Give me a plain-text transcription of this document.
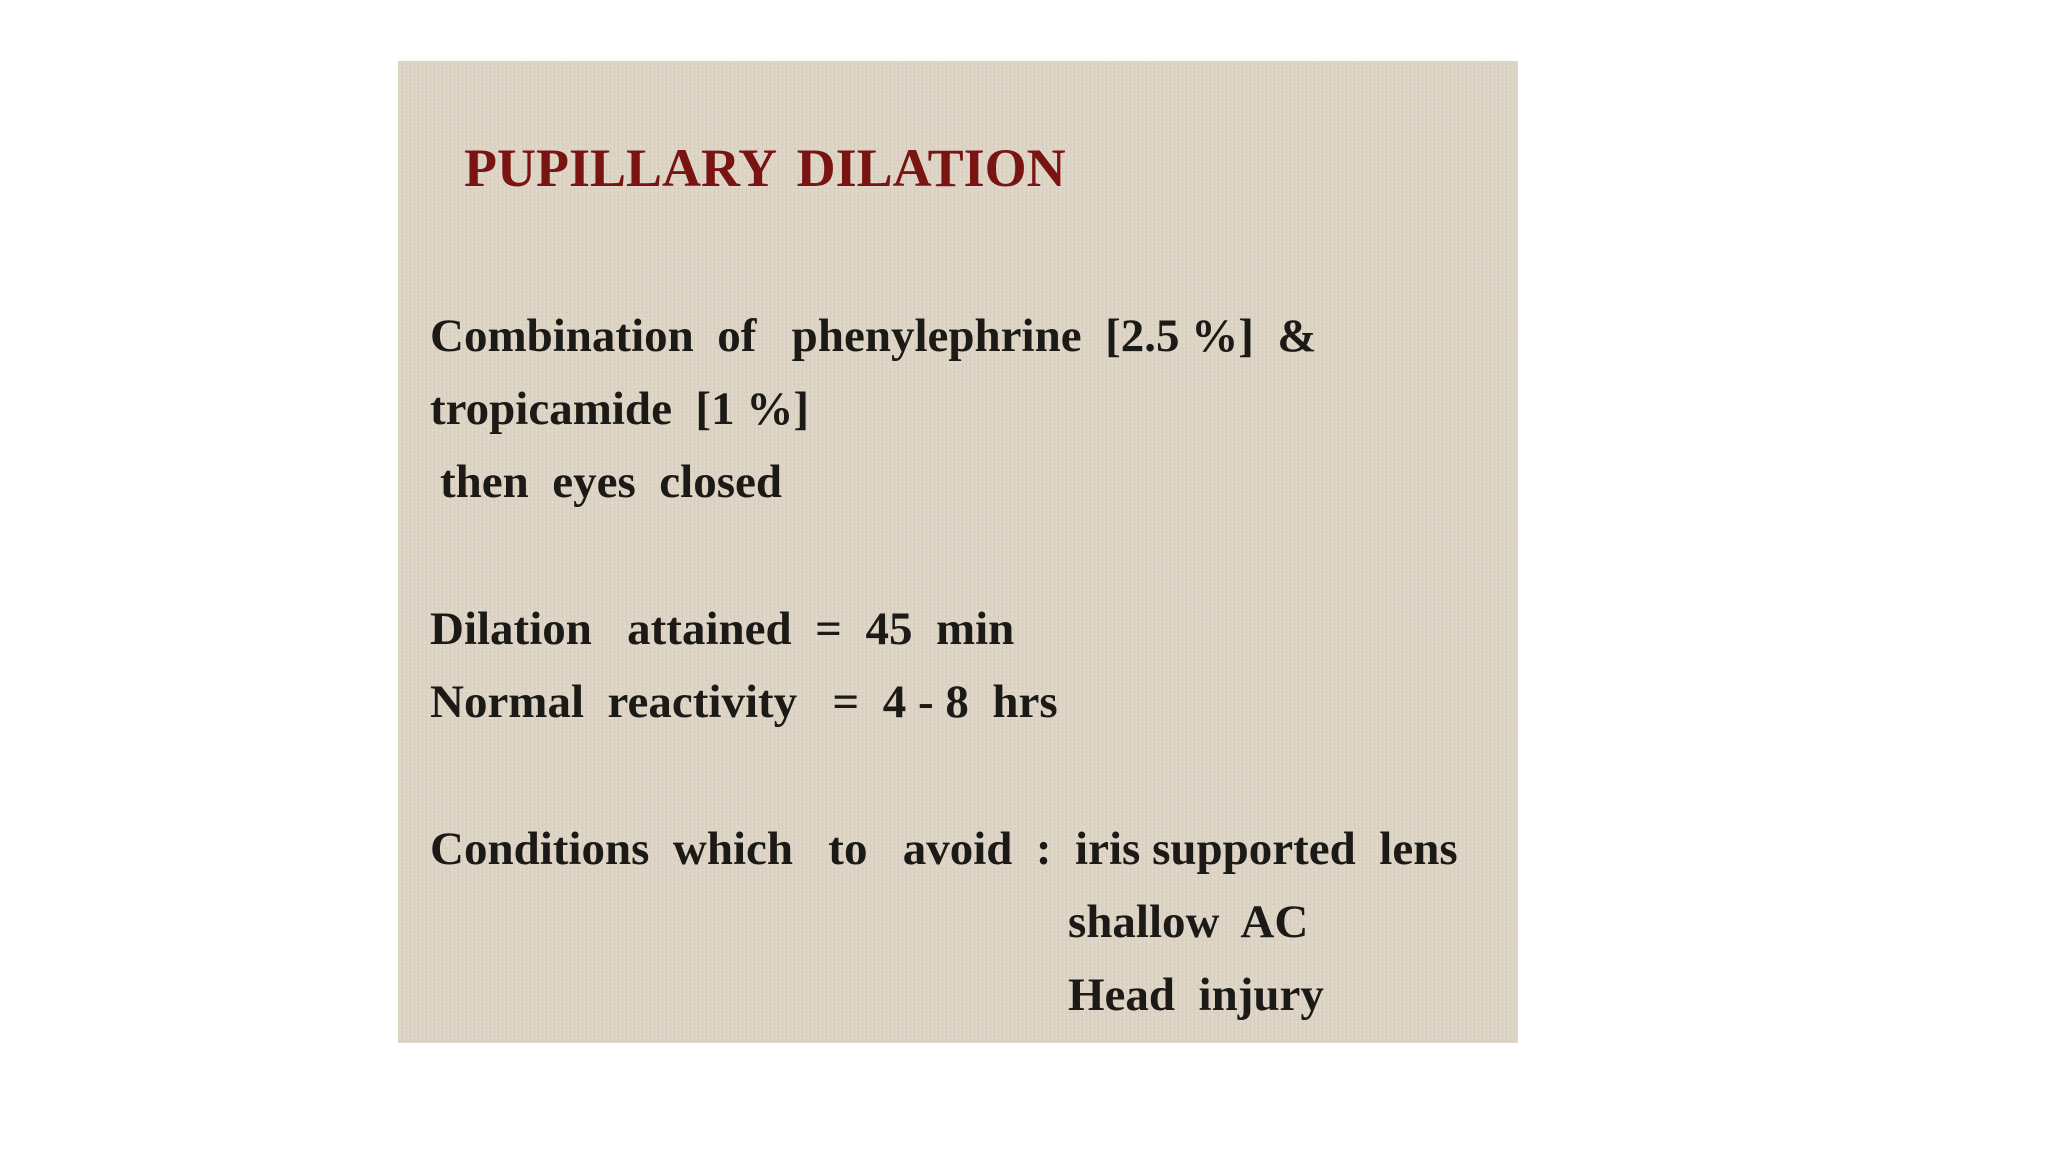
PUPILLARY DILATION
Combination  of   phenylephrine  [2.5 %]  &
tropicamide  [1 %]
then  eyes  closed
Dilation   attained  =  45  min
Normal  reactivity   =  4 - 8  hrs
Conditions  which   to   avoid  :  iris supported  lens
shallow  AC
Head  injury
